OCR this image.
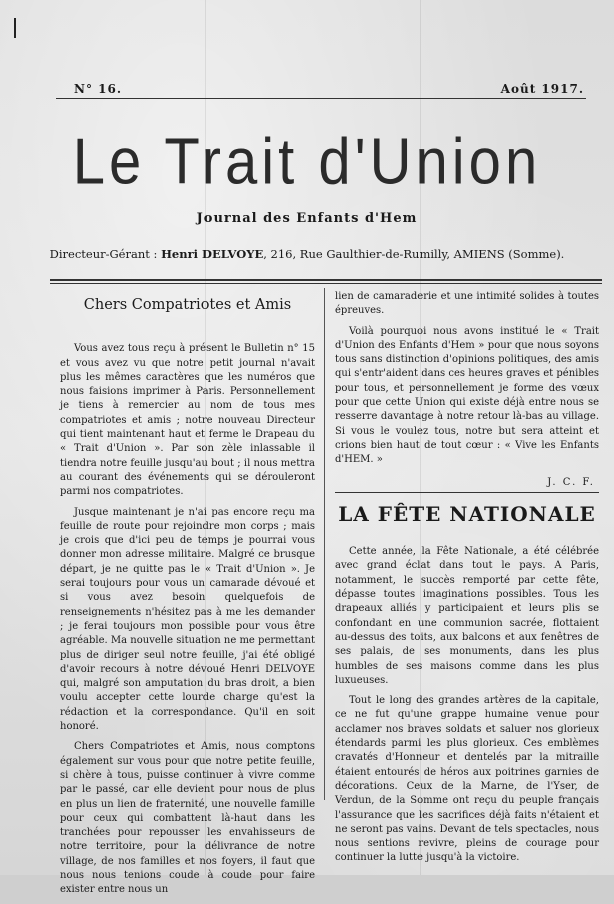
N° 16.	Août 1917.
Le Trait d'Union
Journal des Enfants d'Hem
Directeur-Gérant : Henri DELVOYE, 216, Rue Gaulthier-de-Rumilly, AMIENS (Somme).
Chers Compatriotes et Amis

Vous avez tous reçu à présent le Bulletin n° 15 et vous avez vu que notre petit journal n'avait plus les mêmes caractères que les numéros que nous faisions imprimer à Paris. Personnellement je tiens à remercier au nom de tous mes compatriotes et amis ; notre nouveau Directeur qui tient maintenant haut et ferme le Drapeau du « Trait d'Union ». Par son zèle inlassable il tiendra notre feuille jusqu'au bout ; il nous mettra au courant des événements qui se dérouleront parmi nos compatriotes.

Jusque maintenant je n'ai pas encore reçu ma feuille de route pour rejoindre mon corps ; mais je crois que d'ici peu de temps je pourrai vous donner mon adresse militaire. Malgré ce brusque départ, je ne quitte pas le « Trait d'Union ». Je serai toujours pour vous un camarade dévoué et si vous avez besoin quelquefois de renseignements n'hésitez pas à me les demander ; je ferai toujours mon possible pour vous être agréable. Ma nouvelle situation ne me permettant plus de diriger seul notre feuille, j'ai été obligé d'avoir recours à notre dévoué Henri DELVOYE qui, malgré son amputation du bras droit, a bien voulu accepter cette lourde charge qu'est la rédaction et la correspondance. Qu'il en soit honoré.

Chers Compatriotes et Amis, nous comptons également sur vous pour que notre petite feuille, si chère à tous, puisse continuer à vivre comme par le passé, car elle devient pour nous de plus en plus un lien de fraternité, une nouvelle famille pour ceux qui combattent là-haut dans les tranchées pour repousser les envahisseurs de notre territoire, pour la délivrance de notre village, de nos familles et nos foyers, il faut que nous nous tenions coude à coude pour faire exister entre nous un

lien de camaraderie et une intimité solides à toutes épreuves.

Voilà pourquoi nous avons institué le « Trait d'Union des Enfants d'Hem » pour que nous soyons tous sans distinction d'opinions politiques, des amis qui s'entr'aident dans ces heures graves et pénibles pour tous, et personnellement je forme des vœux pour que cette Union qui existe déjà entre nous se resserre davantage à notre retour là-bas au village. Si vous le voulez tous, notre but sera atteint et crions bien haut de tout cœur : « Vive les Enfants d'HEM. »

J. C. F.
LA FÊTE NATIONALE

Cette année, la Fête Nationale, a été célébrée avec grand éclat dans tout le pays. A Paris, notamment, le succès remporté par cette fête, dépasse toutes imaginations possibles. Tous les drapeaux alliés y participaient et leurs plis se confondant en une communion sacrée, flottaient au-dessus des toits, aux balcons et aux fenêtres de ses palais, de ses monuments, dans les plus humbles de ses maisons comme dans les plus luxueuses.

Tout le long des grandes artères de la capitale, ce ne fut qu'une grappe humaine venue pour acclamer nos braves soldats et saluer nos glorieux étendards parmi les plus glorieux. Ces emblèmes cravatés d'Honneur et dentelés par la mitraille étaient entourés de héros aux poitrines garnies de décorations. Ceux de la Marne, de l'Yser, de Verdun, de la Somme ont reçu du peuple français l'assurance que les sacrifices déjà faits n'étaient et ne seront pas vains. Devant de tels spectacles, nous nous sentions revivre, pleins de courage pour continuer la lutte jusqu'à la victoire.
